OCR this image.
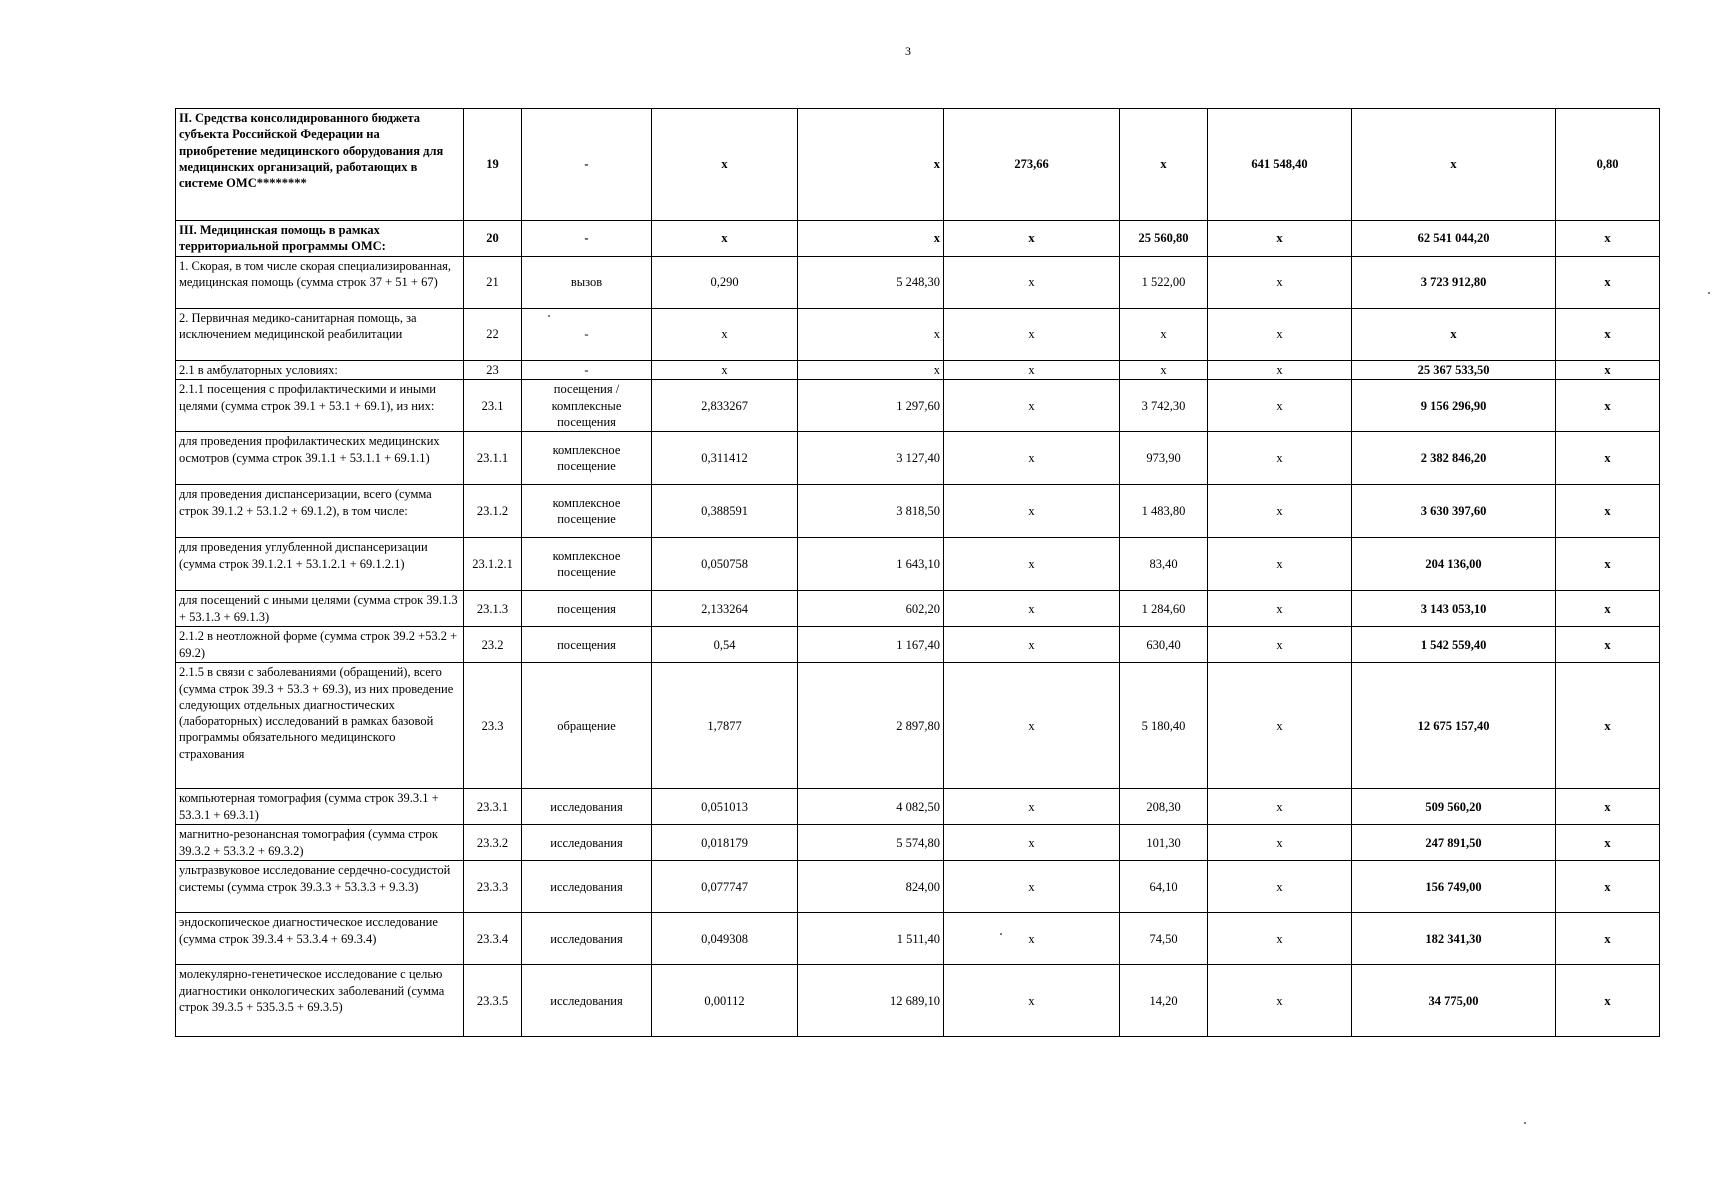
3
II. Средства консолидированного бюджета субъекта Российской Федерации на приобретение медицинского оборудования для медицинских организаций, работающих в системе ОМС********	19	-	х	х	273,66	х	641 548,40	х	0,80
III. Медицинская помощь в рамках территориальной программы ОМС:	20	-	х	х	х	25 560,80	х	62 541 044,20	х
1. Скорая, в том числе скорая специализированная, медицинская помощь (сумма строк 37 + 51 + 67)	21	вызов	0,290	5 248,30	х	1 522,00	х	3 723 912,80	х
2. Первичная медико-санитарная помощь, за исключением медицинской реабилитации	22	-	х	х	х	х	х	х	х
2.1 в амбулаторных условиях:	23	-	х	х	х	х	х	25 367 533,50	х
2.1.1 посещения с профилактическими и иными целями (сумма строк 39.1 + 53.1 + 69.1), из них:	23.1	посещения / комплексные посещения	2,833267	1 297,60	х	3 742,30	х	9 156 296,90	х
для проведения профилактических медицинских осмотров (сумма строк 39.1.1 + 53.1.1 + 69.1.1)	23.1.1	комплексное посещение	0,311412	3 127,40	х	973,90	х	2 382 846,20	х
для проведения диспансеризации, всего (сумма строк 39.1.2 + 53.1.2 + 69.1.2), в том числе:	23.1.2	комплексное посещение	0,388591	3 818,50	х	1 483,80	х	3 630 397,60	х
для проведения углубленной диспансеризации (сумма строк 39.1.2.1 + 53.1.2.1 + 69.1.2.1)	23.1.2.1	комплексное посещение	0,050758	1 643,10	х	83,40	х	204 136,00	х
для посещений с иными целями (сумма строк 39.1.3 + 53.1.3 + 69.1.3)	23.1.3	посещения	2,133264	602,20	х	1 284,60	х	3 143 053,10	х
2.1.2 в неотложной форме (сумма строк 39.2 +53.2 + 69.2)	23.2	посещения	0,54	1 167,40	х	630,40	х	1 542 559,40	х
2.1.5 в связи с заболеваниями (обращений), всего (сумма строк 39.3 + 53.3 + 69.3), из них проведение следующих отдельных диагностических (лабораторных) исследований в рамках базовой программы обязательного медицинского страхования	23.3	обращение	1,7877	2 897,80	х	5 180,40	х	12 675 157,40	х
компьютерная томография (сумма строк 39.3.1 + 53.3.1 + 69.3.1)	23.3.1	исследования	0,051013	4 082,50	х	208,30	х	509 560,20	х
магнитно-резонансная томография (сумма строк 39.3.2 + 53.3.2 + 69.3.2)	23.3.2	исследования	0,018179	5 574,80	х	101,30	х	247 891,50	х
ультразвуковое исследование сердечно-сосудистой системы (сумма строк 39.3.3 + 53.3.3 + 9.3.3)	23.3.3	исследования	0,077747	824,00	х	64,10	х	156 749,00	х
эндоскопическое диагностическое исследование (сумма строк 39.3.4 + 53.3.4 + 69.3.4)	23.3.4	исследования	0,049308	1 511,40	х	74,50	х	182 341,30	х
молекулярно-генетическое исследование с целью диагностики онкологических заболеваний (сумма строк 39.3.5 + 535.3.5 + 69.3.5)	23.3.5	исследования	0,00112	12 689,10	х	14,20	х	34 775,00	х
